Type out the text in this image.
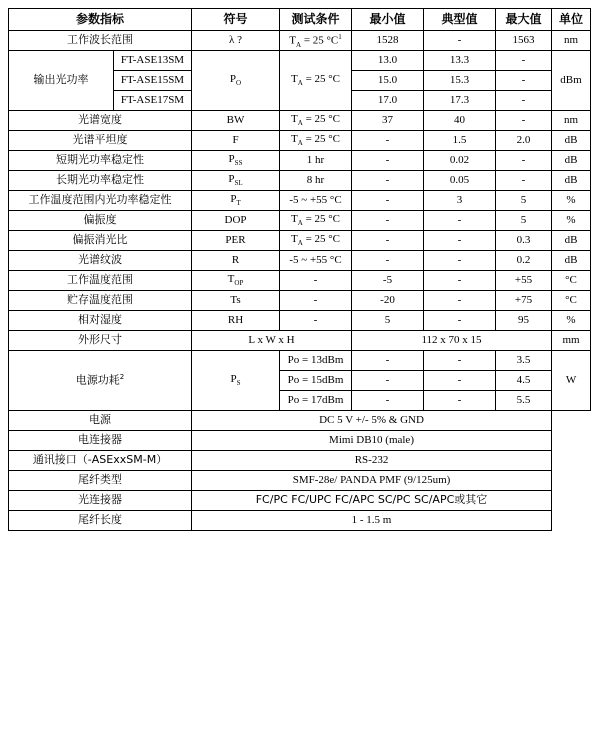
参数指标		符号	测试条件	最小值	典型值	最大值	单位
工作波长范围		λ ?	$T_A = 25$ $^\circ C^1$	1528	-	1563	nm
输出光功率	FT-ASE13SM	$P_O$	$T_A = 25$ °C	13.0	13.3	-	dBm
	FT-ASE15SM			15.0	15.3	-	
	FT-ASE17SM			17.0	17.3	-	
光谱宽度		BW	$T_A = 25$ °C	37	40	-	nm
光谱平坦度		F	$T_A = 25$ °C	-	1.5	2.0	dB
短期光功率稳定性		$P_{SS}$	1 hr	-	0.02	-	dB
长期光功率稳定性		$P_{SL}$	8 hr	-	0.05	-	dB
工作温度范围内光功率稳定性		$P_T$	-5 ~ +55 °C	-	3	5	%
偏振度		DOP	$T_A = 25$ °C	-	-	5	%
偏振消光比		PER	$T_A = 25$ °C	-	-	0.3	dB
光谱纹波		R	-5 ~ +55 °C	-	-	0.2	dB
工作温度范围		$T_{OP}$	-	-5	-	+55	°C
贮存温度范围		Ts	-	-20	-	+75	°C
相对湿度		RH	-	5	-	95	%
外形尺寸		L x W x H		112 x 70 x 15			mm
电源功耗$^2$		$P_S$	Po = 13dBm	-	-	3.5	W
			Po = 15dBm	-	-	4.5	
			Po = 17dBm	-	-	5.5	
电源		DC 5 V +/- 5% & GND					
电连接器		Mimi DB10 (male)					
通讯接口（-ASExxSM-M）		RS-232					
尾纤类型		SMF-28e/ PANDA PMF (9/125um)					
光连接器		FC/PC FC/UPC FC/APC SC/PC SC/APC或其它					
尾纤长度		1 - 1.5 m					
